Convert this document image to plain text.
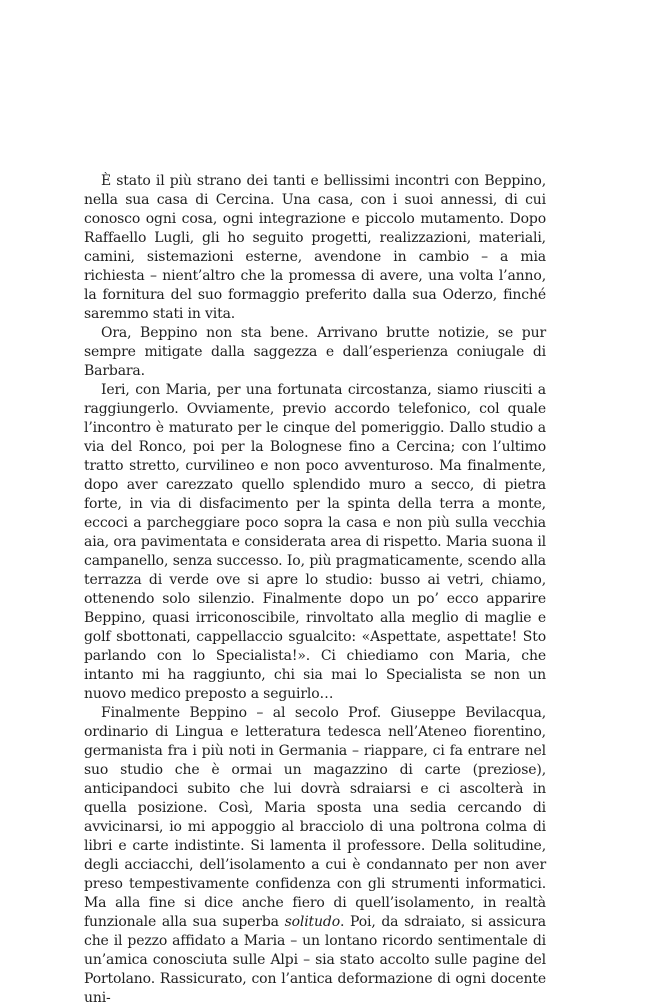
È stato il più strano dei tanti e bellissimi incontri con Beppino, nella sua casa di Cercina. Una casa, con i suoi annessi, di cui conosco ogni cosa, ogni integrazione e piccolo mutamento. Dopo Raffaello Lugli, gli ho seguito progetti, realizzazioni, materiali, camini, sistemazioni esterne, avendone in cambio – a mia richiesta – nient’altro che la promessa di avere, una volta l’anno, la fornitura del suo formaggio preferito dalla sua Oderzo, finché saremmo stati in vita.

Ora, Beppino non sta bene. Arrivano brutte notizie, se pur sempre mitigate dalla saggezza e dall’esperienza coniugale di Barbara.

Ieri, con Maria, per una fortunata circostanza, siamo riusciti a raggiungerlo. Ovviamente, previo accordo telefonico, col quale l’incontro è maturato per le cinque del pomeriggio. Dallo studio a via del Ronco, poi per la Bolognese fino a Cercina; con l’ultimo tratto stretto, curvilineo e non poco avventuroso. Ma finalmente, dopo aver carezzato quello splendido muro a secco, di pietra forte, in via di disfacimento per la spinta della terra a monte, eccoci a parcheggiare poco sopra la casa e non più sulla vecchia aia, ora pavimentata e considerata area di rispetto. Maria suona il campanello, senza successo. Io, più pragmaticamente, scendo alla terrazza di verde ove si apre lo studio: busso ai vetri, chiamo, ottenendo solo silenzio. Finalmente dopo un po’ ecco apparire Beppino, quasi irriconoscibile, rinvoltato alla meglio di maglie e golf sbottonati, cappellaccio sgualcito: «Aspettate, aspettate! Sto parlando con lo Specialista!». Ci chiediamo con Maria, che intanto mi ha raggiunto, chi sia mai lo Specialista se non un nuovo medico preposto a seguirlo…

Finalmente Beppino – al secolo Prof. Giuseppe Bevilacqua, ordinario di Lingua e letteratura tedesca nell’Ateneo fiorentino, germanista fra i più noti in Germania – riappare, ci fa entrare nel suo studio che è ormai un magazzino di carte (preziose), anticipandoci subito che lui dovrà sdraiarsi e ci ascolterà in quella posizione. Così, Maria sposta una sedia cercando di avvicinarsi, io mi appoggio al bracciolo di una poltrona colma di libri e carte indistinte. Si lamenta il professore. Della solitudine, degli acciacchi, dell’isolamento a cui è condannato per non aver preso tempestivamente confidenza con gli strumenti informatici. Ma alla fine si dice anche fiero di quell’isolamento, in realtà funzionale alla sua superba solitudo. Poi, da sdraiato, si assicura che il pezzo affidato a Maria – un lontano ricordo sentimentale di un’amica conosciuta sulle Alpi – sia stato accolto sulle pagine del Portolano. Rassicurato, con l’antica deformazione di ogni docente uni-
